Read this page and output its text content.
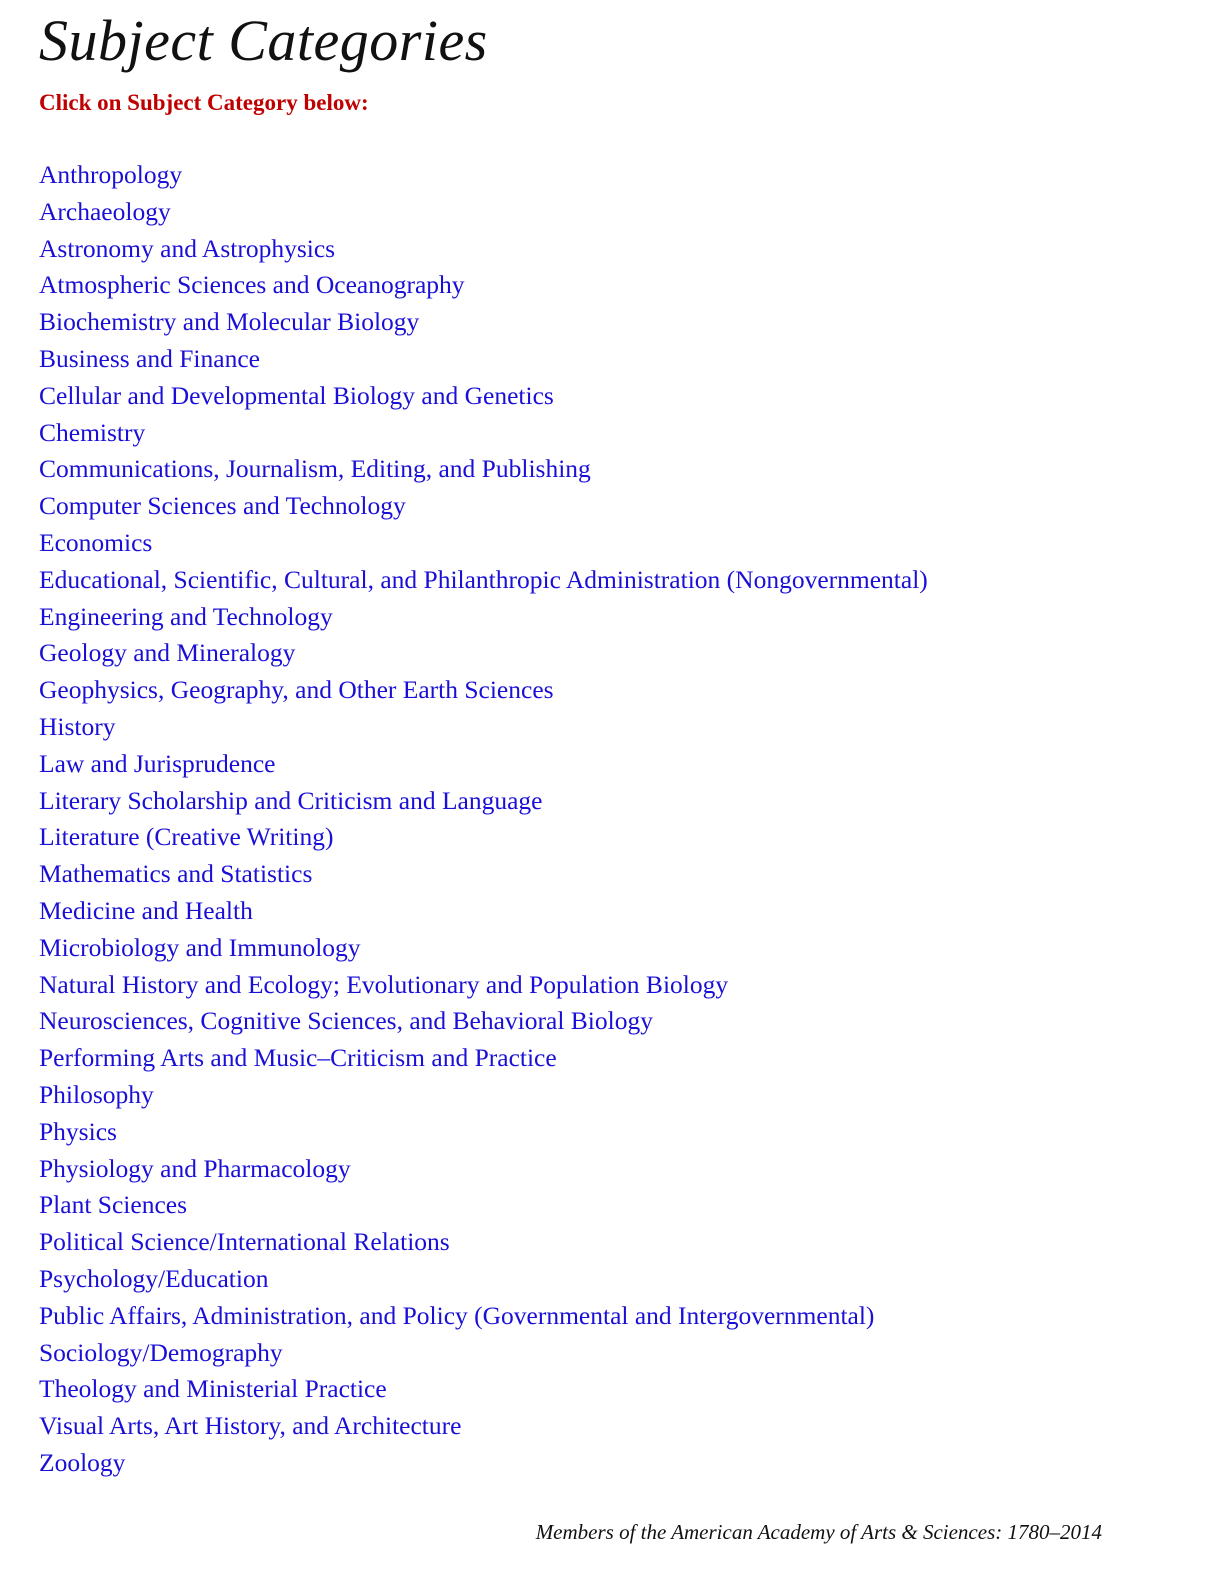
Subject Categories

Click on Subject Category below:

Anthropology
Archaeology
Astronomy and Astrophysics
Atmospheric Sciences and Oceanography
Biochemistry and Molecular Biology
Business and Finance
Cellular and Developmental Biology and Genetics
Chemistry
Communications, Journalism, Editing, and Publishing
Computer Sciences and Technology
Economics
Educational, Scientific, Cultural, and Philanthropic Administration (Nongovernmental)
Engineering and Technology
Geology and Mineralogy
Geophysics, Geography, and Other Earth Sciences
History
Law and Jurisprudence
Literary Scholarship and Criticism and Language
Literature (Creative Writing)
Mathematics and Statistics
Medicine and Health
Microbiology and Immunology
Natural History and Ecology; Evolutionary and Population Biology
Neurosciences, Cognitive Sciences, and Behavioral Biology
Performing Arts and Music–Criticism and Practice
Philosophy
Physics
Physiology and Pharmacology
Plant Sciences
Political Science/International Relations
Psychology/Education
Public Affairs, Administration, and Policy (Governmental and Intergovernmental)
Sociology/Demography
Theology and Ministerial Practice
Visual Arts, Art History, and Architecture
Zoology

Members of the American Academy of Arts & Sciences: 1780–2014
